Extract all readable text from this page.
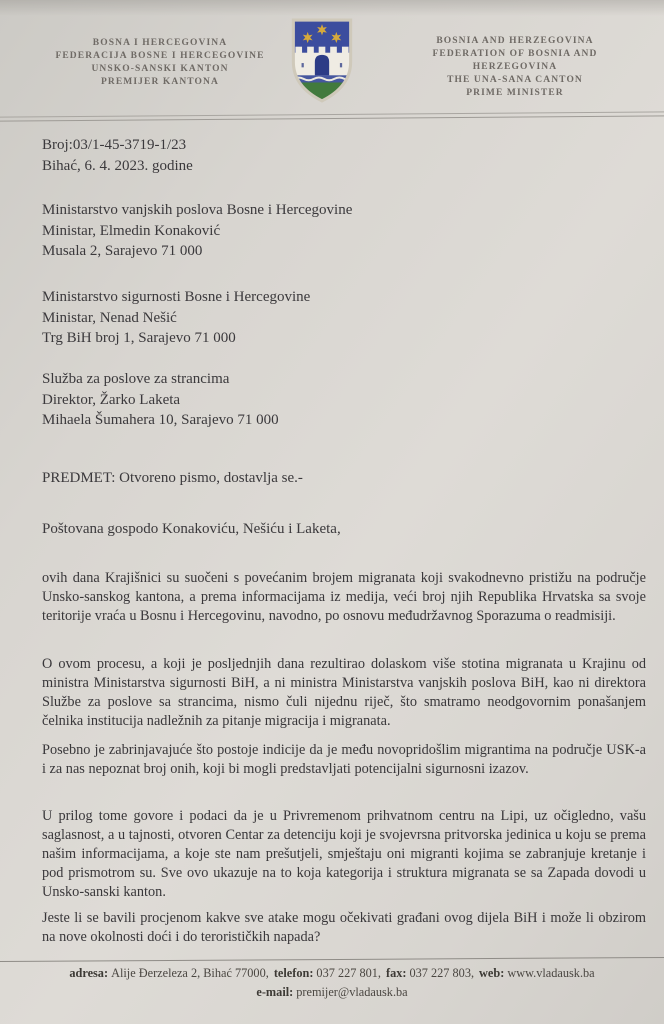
BOSNA I HERCEGOVINA
FEDERACIJA BOSNE I HERCEGOVINE
UNSKO-SANSKI KANTON
PREMIJER KANTONA
BOSNIA AND HERZEGOVINA
FEDERATION OF BOSNIA AND HERZEGOVINA
THE UNA-SANA CANTON
PRIME MINISTER
Broj:03/1-45-3719-1/23
Bihać, 6. 4. 2023. godine
Ministarstvo vanjskih poslova Bosne i Hercegovine
Ministar, Elmedin Konaković
Musala 2, Sarajevo 71 000
Ministarstvo sigurnosti Bosne i Hercegovine
Ministar, Nenad Nešić
Trg BiH broj 1, Sarajevo 71 000
Služba za poslove za strancima
Direktor, Žarko Laketa
Mihaela Šumahera 10, Sarajevo 71 000
PREDMET: Otvoreno pismo, dostavlja se.-
Poštovana gospodo Konakoviću, Nešiću i Laketa,

ovih dana Krajišnici su suočeni s povećanim brojem migranata koji svakodnevno pristižu na područje Unsko-sanskog kantona, a prema informacijama iz medija, veći broj njih Republika Hrvatska sa svoje teritorije vraća u Bosnu i Hercegovinu, navodno, po osnovu međudržavnog Sporazuma o readmisiji.

O ovom procesu, a koji je posljednjih dana rezultirao dolaskom više stotina migranata u Krajinu od ministra Ministarstva sigurnosti BiH, a ni ministra Ministarstva vanjskih poslova BiH, kao ni direktora Službe za poslove sa strancima, nismo čuli nijednu riječ, što smatramo neodgovornim ponašanjem čelnika institucija nadležnih za pitanje migracija i migranata.

Posebno je zabrinjavajuće što postoje indicije da je među novopridošlim migrantima na područje USK-a i za nas nepoznat broj onih, koji bi mogli predstavljati potencijalni sigurnosni izazov.

U prilog tome govore i podaci da je u Privremenom prihvatnom centru na Lipi, uz očigledno, vašu saglasnost, a u tajnosti, otvoren Centar za detenciju koji je svojevrsna pritvorska jedinica u koju se prema našim informacijama, a koje ste nam prešutjeli, smještaju oni migranti kojima se zabranjuje kretanje i pod prismotrom su. Sve ovo ukazuje na to koja kategorija i struktura migranata se sa Zapada dovodi u Unsko-sanski kanton.

Jeste li se bavili procjenom kakve sve atake mogu očekivati građani ovog dijela BiH i može li obzirom na nove okolnosti doći i do terorističkih napada?

adresa: Alije Đerzeleza 2, Bihać 77000, telefon: 037 227 801, fax: 037 227 803, web: www.vladausk.ba
e-mail: premijer@vladausk.ba
